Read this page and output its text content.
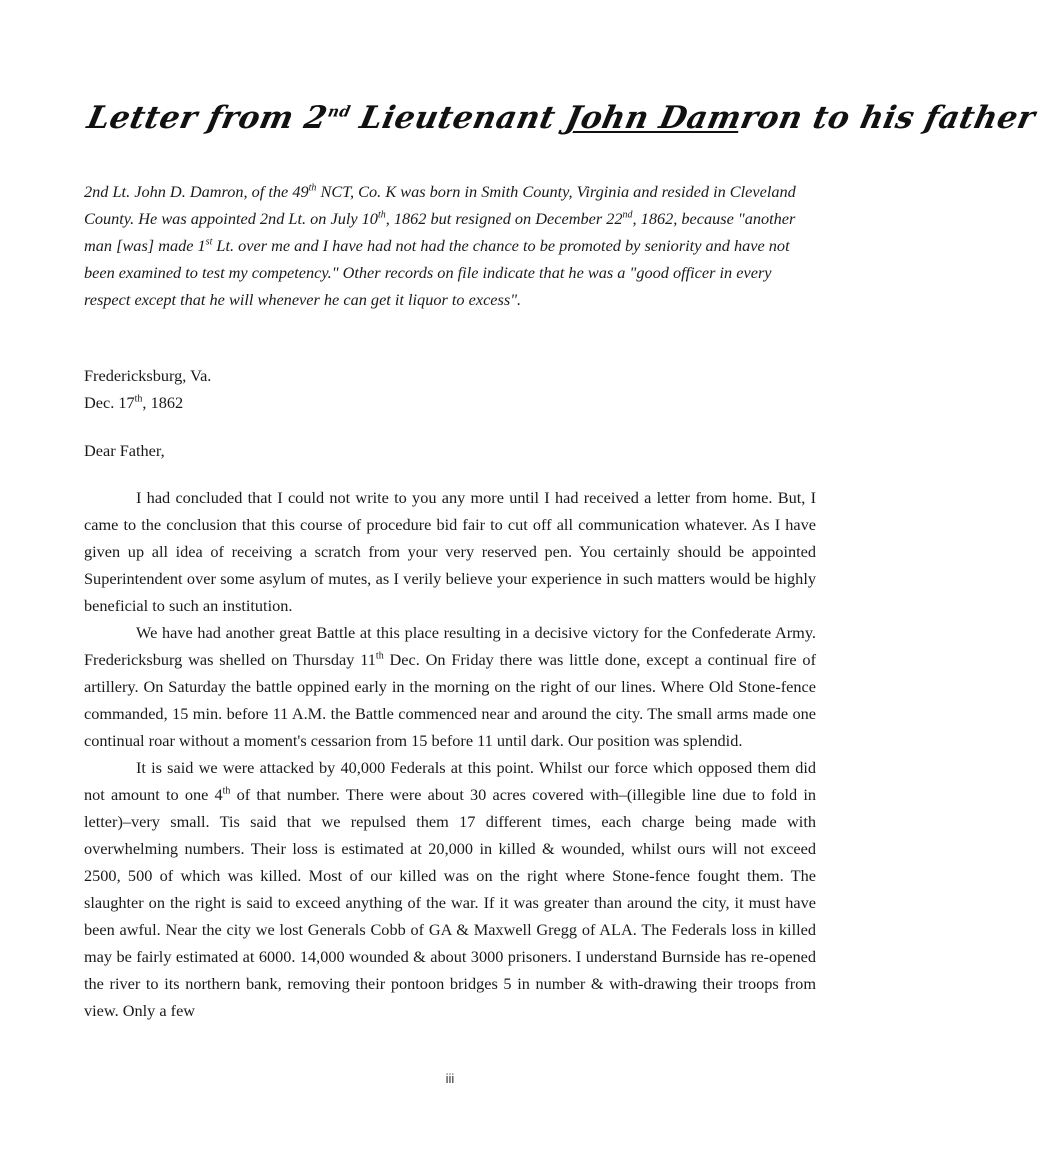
Letter from 2nd Lieutenant John Damron to his father

2nd Lt. John D. Damron, of the 49th NCT, Co. K was born in Smith County, Virginia and resided in Cleveland County. He was appointed 2nd Lt. on July 10th, 1862 but resigned on December 22nd, 1862, because "another man [was] made 1st Lt. over me and I have had not had the chance to be promoted by seniority and have not been examined to test my competency." Other records on file indicate that he was a "good officer in every respect except that he will whenever he can get it liquor to excess".

Fredericksburg, Va.

Dec. 17th, 1862

Dear Father,

I had concluded that I could not write to you any more until I had received a letter from home. But, I came to the conclusion that this course of procedure bid fair to cut off all communication whatever. As I have given up all idea of receiving a scratch from your very reserved pen. You certainly should be appointed Superintendent over some asylum of mutes, as I verily believe your experience in such matters would be highly beneficial to such an institution.

We have had another great Battle at this place resulting in a decisive victory for the Confederate Army. Fredericksburg was shelled on Thursday 11th Dec. On Friday there was little done, except a continual fire of artillery. On Saturday the battle oppined early in the morning on the right of our lines. Where Old Stone-fence commanded, 15 min. before 11 A.M. the Battle commenced near and around the city. The small arms made one continual roar without a moment's cessarion from 15 before 11 until dark. Our position was splendid.

It is said we were attacked by 40,000 Federals at this point. Whilst our force which opposed them did not amount to one 4th of that number. There were about 30 acres covered with–(illegible line due to fold in letter)–very small. Tis said that we repulsed them 17 different times, each charge being made with overwhelming numbers. Their loss is estimated at 20,000 in killed & wounded, whilst ours will not exceed 2500, 500 of which was killed. Most of our killed was on the right where Stone-fence fought them. The slaughter on the right is said to exceed anything of the war. If it was greater than around the city, it must have been awful. Near the city we lost Generals Cobb of GA & Maxwell Gregg of ALA. The Federals loss in killed may be fairly estimated at 6000. 14,000 wounded & about 3000 prisoners. I understand Burnside has re-opened the river to its northern bank, removing their pontoon bridges 5 in number & with-drawing their troops from view. Only a few

iii
